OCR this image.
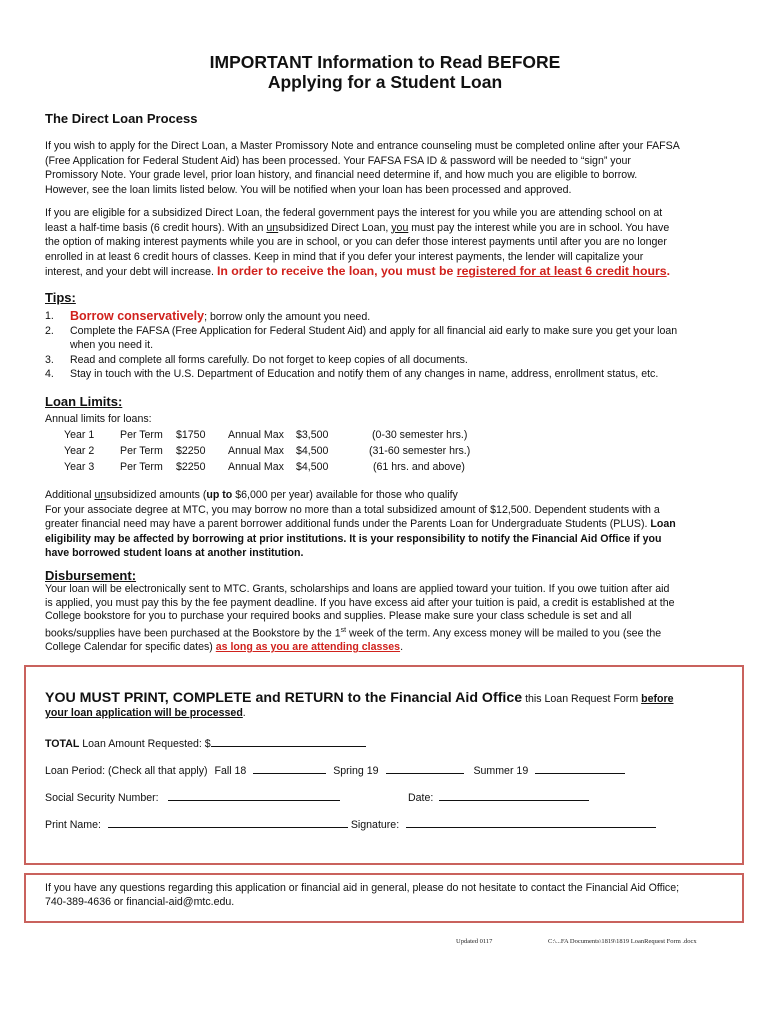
IMPORTANT Information to Read BEFORE
Applying for a Student Loan
The Direct Loan Process
If you wish to apply for the Direct Loan, a Master Promissory Note and entrance counseling must be completed online after your FAFSA
(Free Application for Federal Student Aid) has been processed. Your FAFSA FSA ID & password will be needed to “sign” your
Promissory Note. Your grade level, prior loan history, and financial need determine if, and how much you are eligible to borrow.
However, see the loan limits listed below. You will be notified when your loan has been processed and approved.
If you are eligible for a subsidized Direct Loan, the federal government pays the interest for you while you are attending school on at
least a half-time basis (6 credit hours). With an unsubsidized Direct Loan, you must pay the interest while you are in school. You have
the option of making interest payments while you are in school, or you can defer those interest payments until after you are no longer
enrolled in at least 6 credit hours of classes. Keep in mind that if you defer your interest payments, the lender will capitalize your
interest, and your debt will increase. In order to receive the loan, you must be registered for at least 6 credit hours.
Tips:
1.	Borrow conservatively; borrow only the amount you need.
2.	Complete the FAFSA (Free Application for Federal Student Aid) and apply for all financial aid early to make sure you get your loan
when you need it.
3.	Read and complete all forms carefully. Do not forget to keep copies of all documents.
4.	Stay in touch with the U.S. Department of Education and notify them of any changes in name, address, enrollment status, etc.
Loan Limits:
Annual limits for loans:
Year 1 Per Term $1750 Annual Max $3,500	(0-30 semester hrs.)
Year 2 Per Term $2250 Annual Max $4,500	(31-60 semester hrs.)
Year 3 Per Term $2250 Annual Max $4,500	(61 hrs. and above)
Additional unsubsidized amounts (up to $6,000 per year) available for those who qualify
For your associate degree at MTC, you may borrow no more than a total subsidized amount of $12,500. Dependent students with a
greater financial need may have a parent borrower additional funds under the Parents Loan for Undergraduate Students (PLUS). Loan
eligibility may be affected by borrowing at prior institutions. It is your responsibility to notify the Financial Aid Office if you
have borrowed student loans at another institution.
Disbursement:
Your loan will be electronically sent to MTC. Grants, scholarships and loans are applied toward your tuition. If you owe tuition after aid
is applied, you must pay this by the fee payment deadline. If you have excess aid after your tuition is paid, a credit is established at the
College bookstore for you to purchase your required books and supplies. Please make sure your class schedule is set and all
books/supplies have been purchased at the Bookstore by the 1st week of the term. Any excess money will be mailed to you (see the
College Calendar for specific dates) as long as you are attending classes.
YOU MUST PRINT, COMPLETE and RETURN to the Financial Aid Office this Loan Request Form before
your loan application will be processed.
TOTAL Loan Amount Requested: $
Loan Period: (Check all that apply) Fall 18	Spring 19	Summer 19
Social Security Number:	Date:
Print Name:	Signature:
If you have any questions regarding this application or financial aid in general, please do not hesitate to contact the Financial Aid Office;
740-389-4636 or financial-aid@mtc.edu.
Updated 0117	C:\...FA Documents\1819\1819 LoanRequest Form .docx
